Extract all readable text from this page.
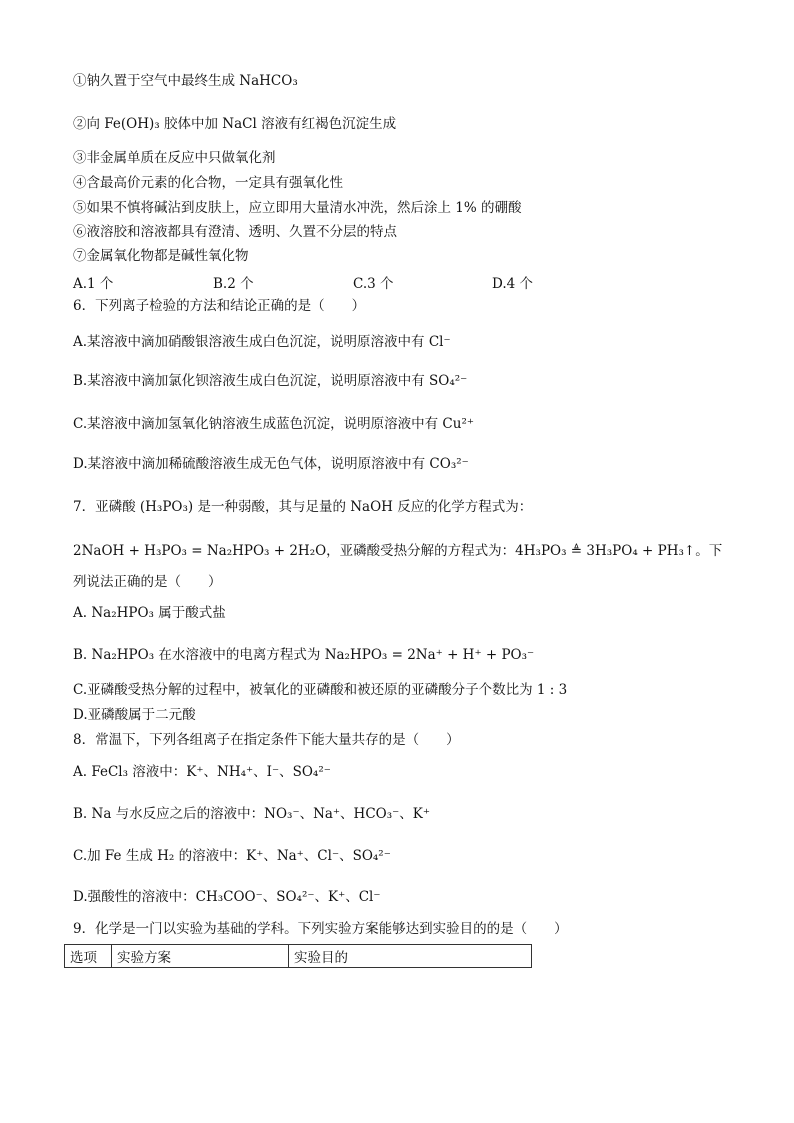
①钠久置于空气中最终生成 NaHCO₃
②向 Fe(OH)₃ 胶体中加 NaCl 溶液有红褐色沉淀生成
③非金属单质在反应中只做氧化剂
④含最高价元素的化合物，一定具有强氧化性
⑤如果不慎将碱沾到皮肤上，应立即用大量清水冲洗，然后涂上 1% 的硼酸
⑥液溶胶和溶液都具有澄清、透明、久置不分层的特点
⑦金属氧化物都是碱性氧化物
A.1 个	B.2 个	C.3 个	D.4 个
6．下列离子检验的方法和结论正确的是（　　）
A.某溶液中滴加硝酸银溶液生成白色沉淀，说明原溶液中有 Cl⁻
B.某溶液中滴加氯化钡溶液生成白色沉淀，说明原溶液中有 SO₄²⁻
C.某溶液中滴加氢氧化钠溶液生成蓝色沉淀，说明原溶液中有 Cu²⁺
D.某溶液中滴加稀硫酸溶液生成无色气体，说明原溶液中有 CO₃²⁻
7．亚磷酸 (H₃PO₃) 是一种弱酸，其与足量的 NaOH 反应的化学方程式为：
2NaOH + H₃PO₃ = Na₂HPO₃ + 2H₂O，亚磷酸受热分解的方程式为：4H₃PO₃ ≜ 3H₃PO₄ + PH₃↑。下
列说法正确的是（　　）
A. Na₂HPO₃ 属于酸式盐
B. Na₂HPO₃ 在水溶液中的电离方程式为 Na₂HPO₃ = 2Na⁺ + H⁺ + PO₃⁻
C.亚磷酸受热分解的过程中，被氧化的亚磷酸和被还原的亚磷酸分子个数比为 1 : 3
D.亚磷酸属于二元酸
8．常温下，下列各组离子在指定条件下能大量共存的是（　　）
A. FeCl₃ 溶液中：K⁺、NH₄⁺、I⁻、SO₄²⁻
B. Na 与水反应之后的溶液中：NO₃⁻、Na⁺、HCO₃⁻、K⁺
C.加 Fe 生成 H₂ 的溶液中：K⁺、Na⁺、Cl⁻、SO₄²⁻
D.强酸性的溶液中：CH₃COO⁻、SO₄²⁻、K⁺、Cl⁻
9．化学是一门以实验为基础的学科。下列实验方案能够达到实验目的的是（　　）
选项	实验方案	实验目的
